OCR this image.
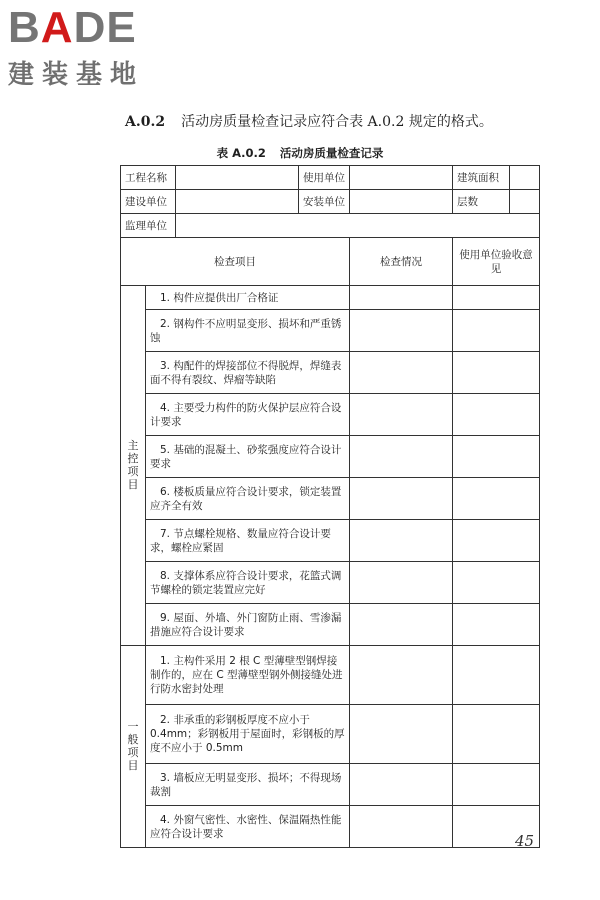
BADE
建装基地
A.0.2 活动房质量检查记录应符合表 A.0.2 规定的格式。
表 A.0.2 活动房质量检查记录
工程名称			使用单位		建筑面积	
建设单位			安装单位		层数	
监理单位						
检查项目				检查情况	使用单位验收意见	
主控项目	1. 构件应提供出厂合格证					
	2. 钢构件不应明显变形、损坏和严重锈蚀					
	3. 构配件的焊接部位不得脱焊，焊缝表面不得有裂纹、焊瘤等缺陷					
	4. 主要受力构件的防火保护层应符合设计要求					
	5. 基础的混凝土、砂浆强度应符合设计要求					
	6. 楼板质量应符合设计要求，锁定装置应齐全有效					
	7. 节点螺栓规格、数量应符合设计要求，螺栓应紧固					
	8. 支撑体系应符合设计要求，花篮式调节螺栓的锁定装置应完好					
	9. 屋面、外墙、外门窗防止雨、雪渗漏措施应符合设计要求					
一般项目	1. 主构件采用 2 根 C 型薄壁型钢焊接制作的，应在 C 型薄壁型钢外侧接缝处进行防水密封处理					
	2. 非承重的彩钢板厚度不应小于 0.4mm；彩钢板用于屋面时，彩钢板的厚度不应小于 0.5mm					
	3. 墙板应无明显变形、损坏；不得现场裁割					
	4. 外窗气密性、水密性、保温隔热性能应符合设计要求						45
